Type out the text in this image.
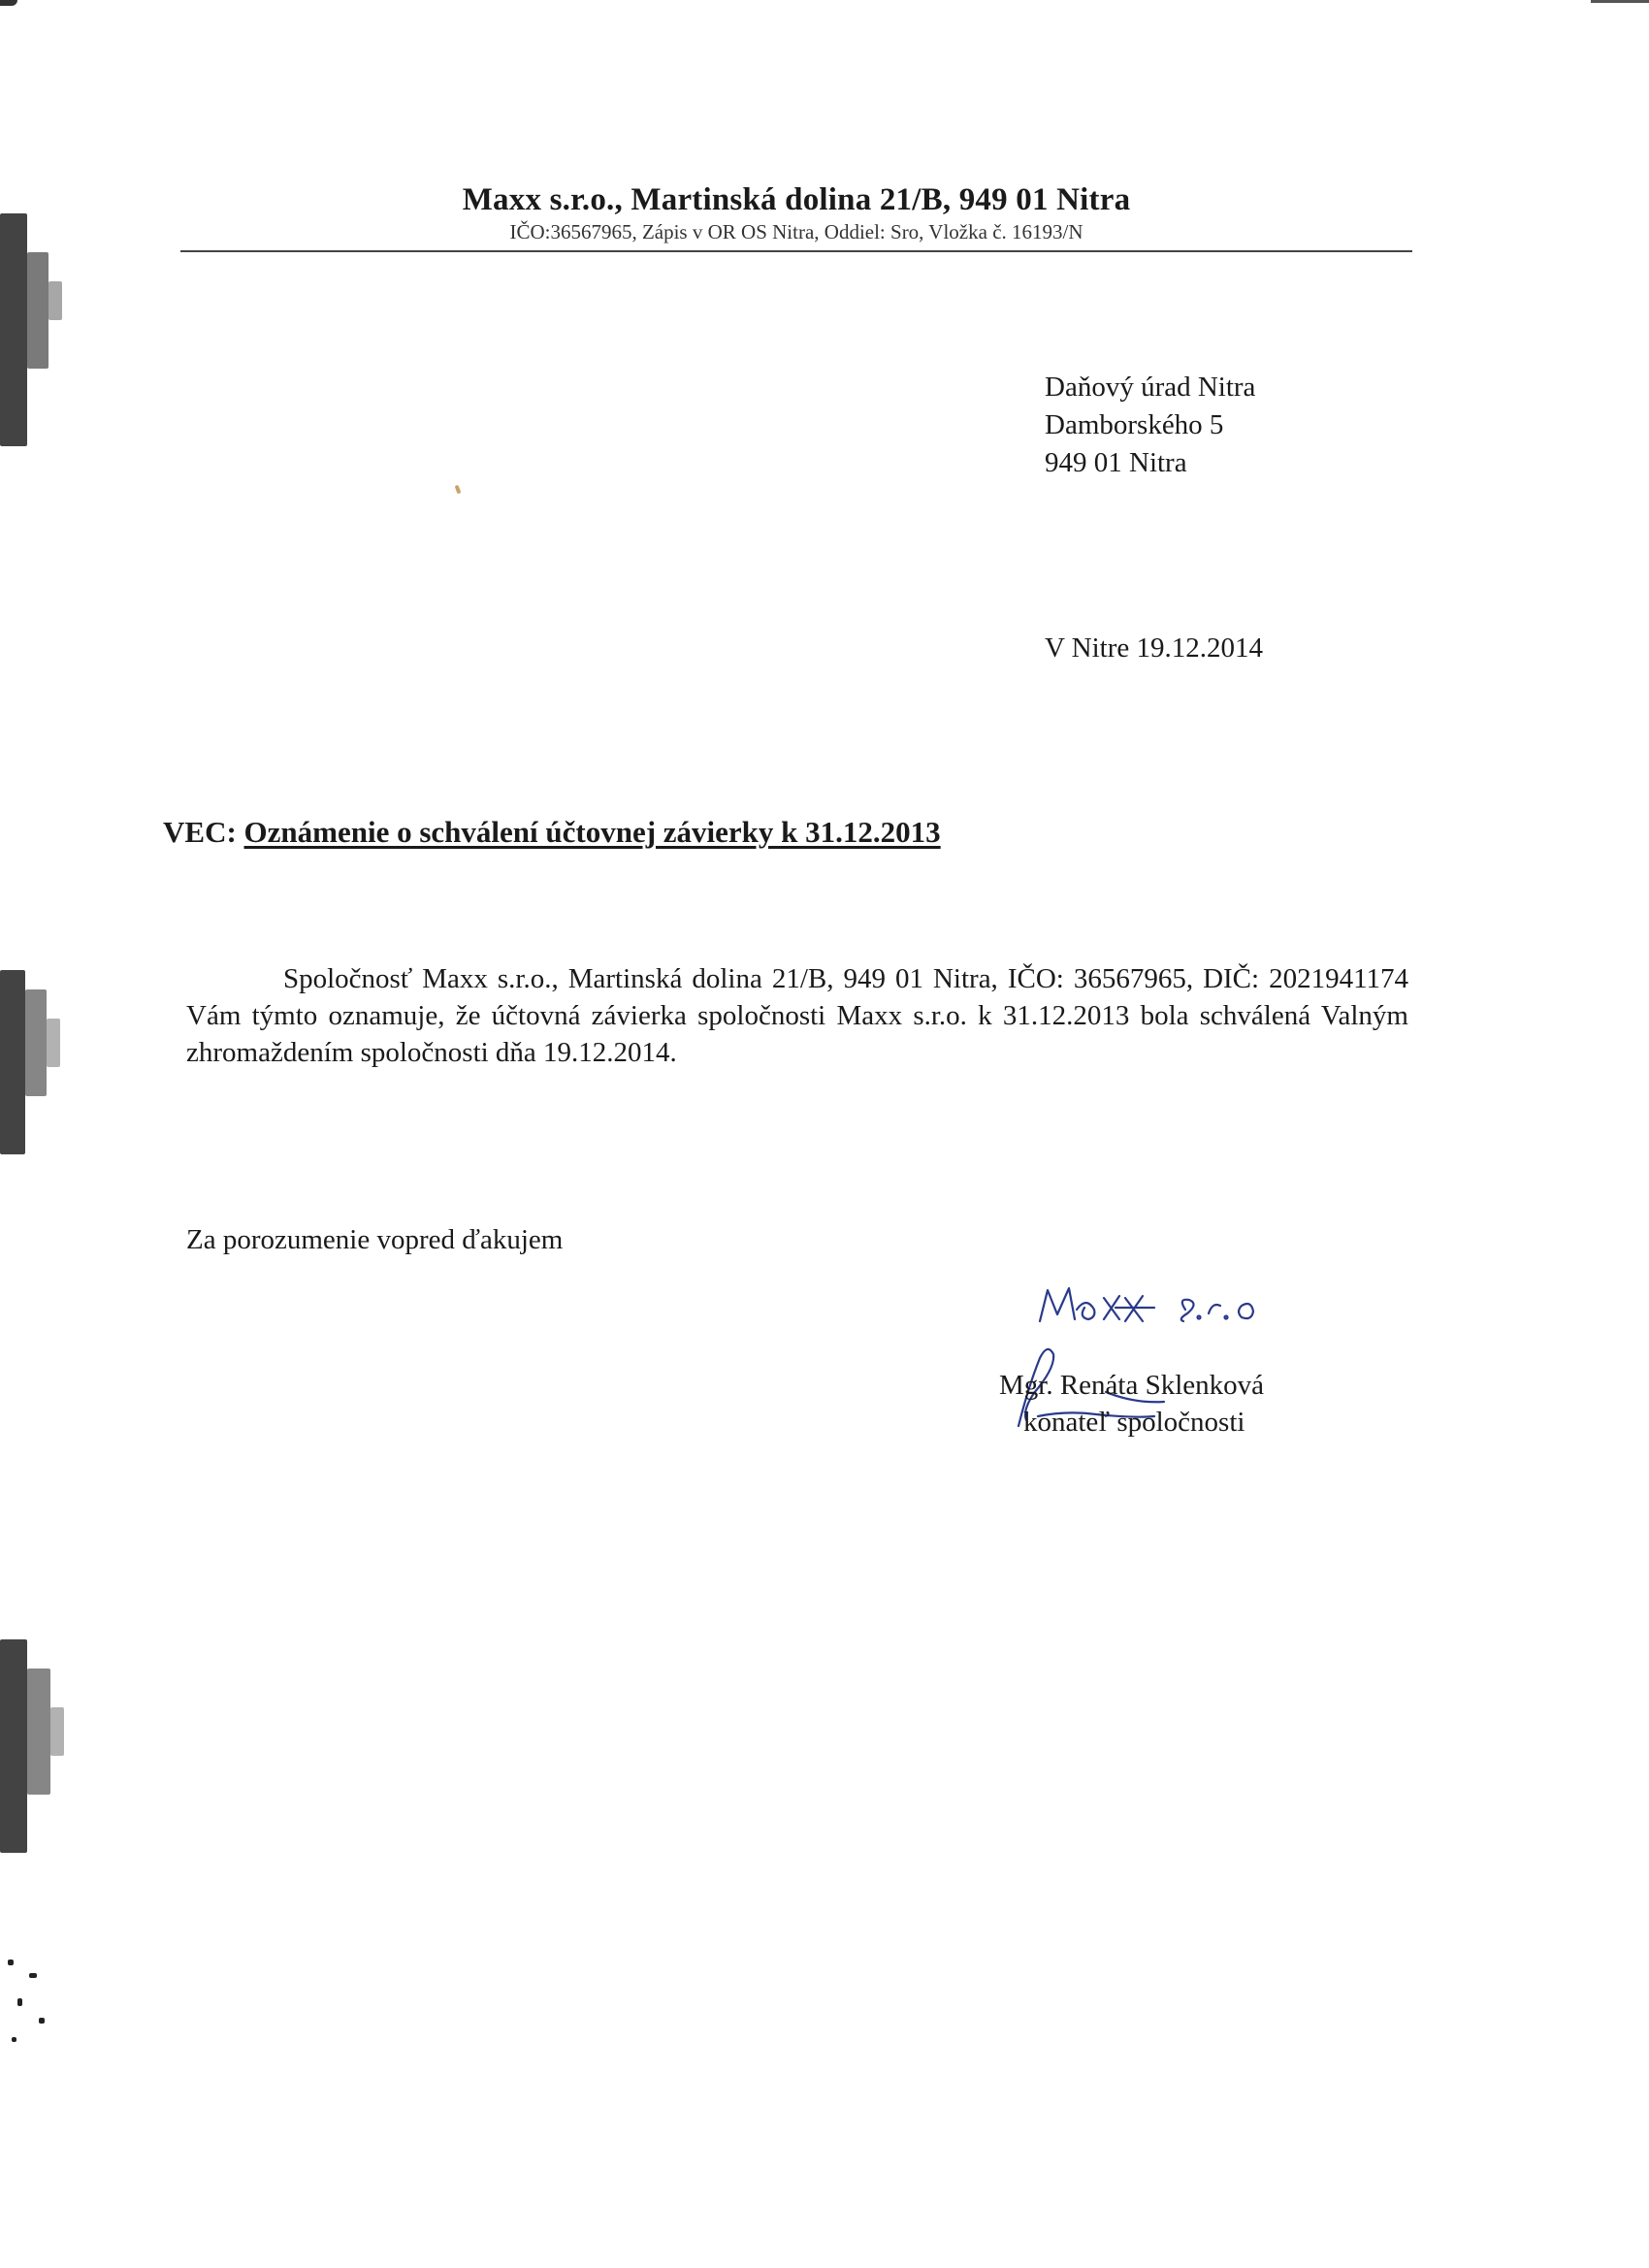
Maxx s.r.o., Martinská dolina 21/B, 949 01 Nitra
IČO:36567965, Zápis v OR OS Nitra, Oddiel: Sro, Vložka č. 16193/N
Daňový úrad Nitra
Damborského 5
949 01 Nitra
V Nitre 19.12.2014
VEC: Oznámenie o schválení účtovnej závierky k 31.12.2013
Spoločnosť Maxx s.r.o., Martinská dolina 21/B, 949 01 Nitra, IČO: 36567965, DIČ: 2021941174 Vám týmto oznamuje, že účtovná závierka spoločnosti Maxx s.r.o. k 31.12.2013 bola schválená Valným zhromaždením spoločnosti dňa 19.12.2014.
Za porozumenie vopred ďakujem
Mgr. Renáta Sklenková
konateľ spoločnosti
